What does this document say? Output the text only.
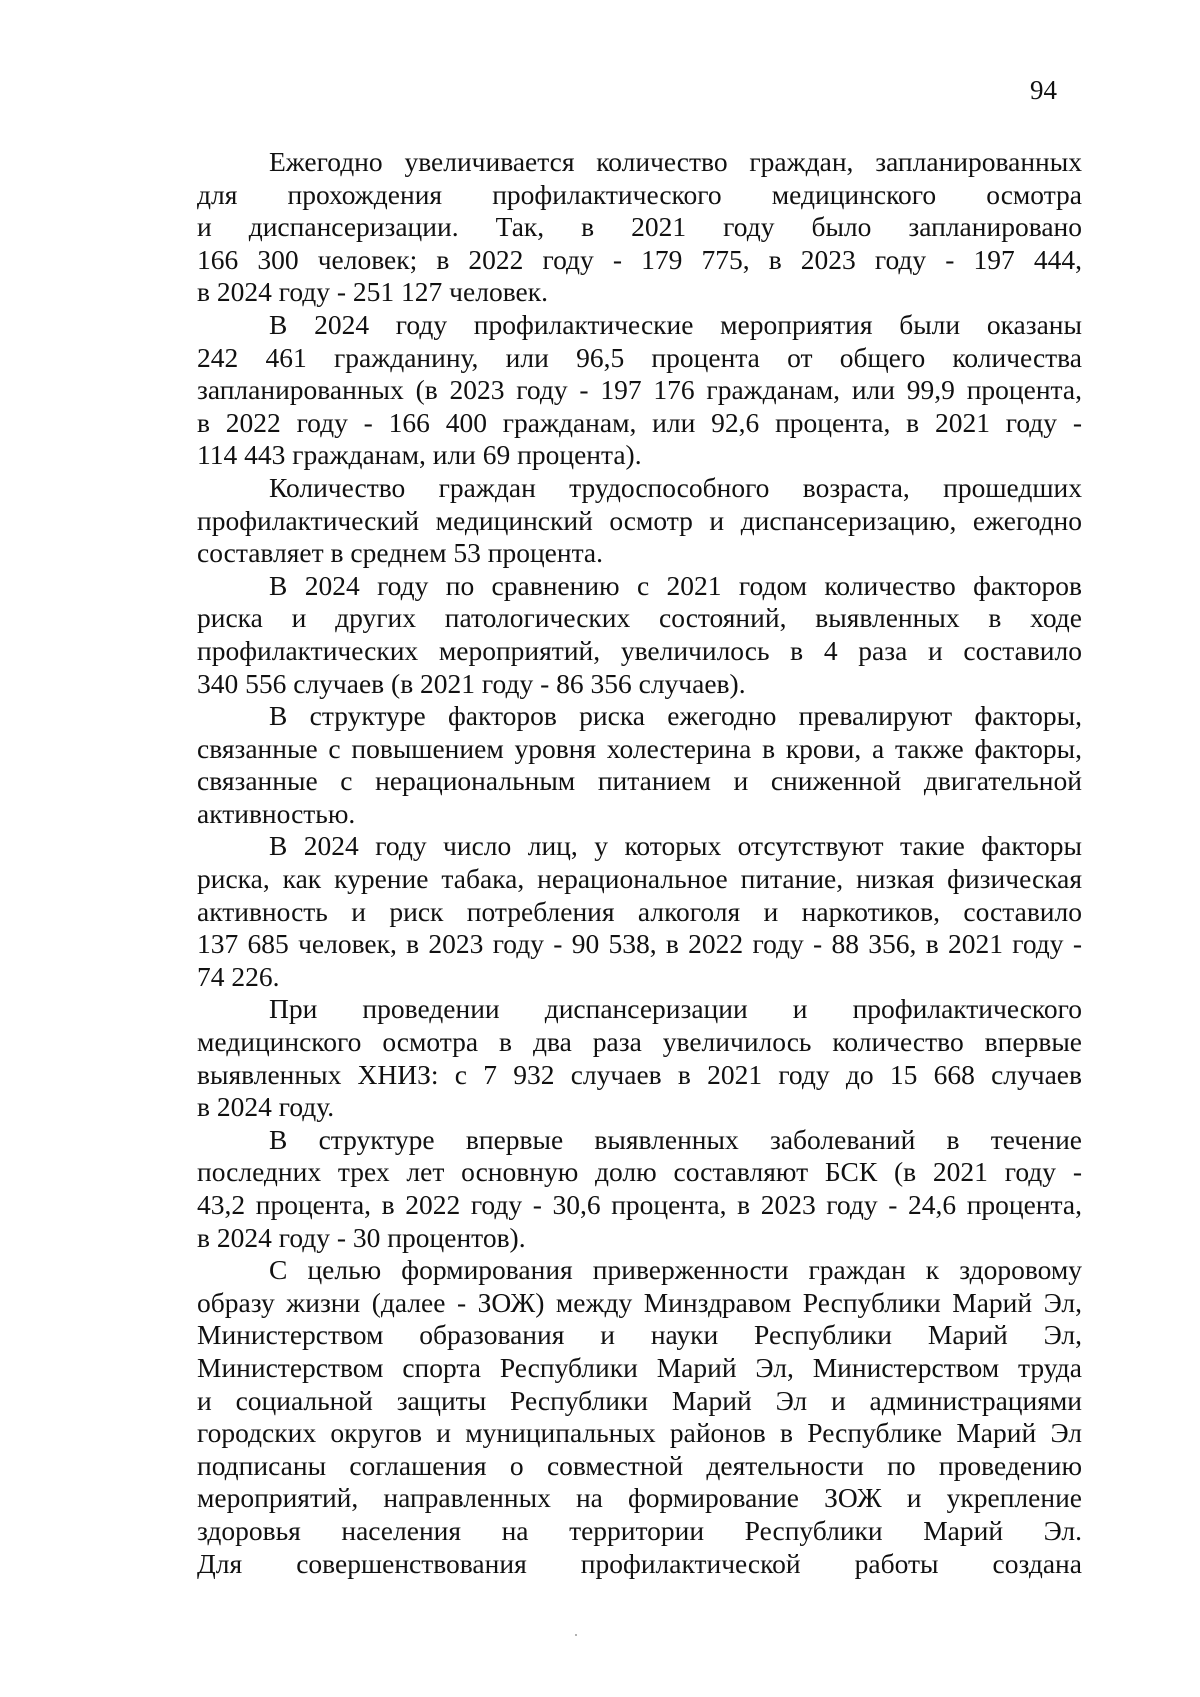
94

Ежегодно увеличивается количество граждан, запланированных
для прохождения профилактического медицинского осмотра
и диспансеризации. Так, в 2021 году было запланировано
166 300 человек; в 2022 году - 179 775, в 2023 году - 197 444,
в 2024 году - 251 127 человек.

В 2024 году профилактические мероприятия были оказаны
242 461 гражданину, или 96,5 процента от общего количества
запланированных (в 2023 году - 197 176 гражданам, или 99,9 процента,
в 2022 году - 166 400 гражданам, или 92,6 процента, в 2021 году -
114 443 гражданам, или 69 процента).

Количество граждан трудоспособного возраста, прошедших
профилактический медицинский осмотр и диспансеризацию, ежегодно
составляет в среднем 53 процента.

В 2024 году по сравнению с 2021 годом количество факторов
риска и других патологических состояний, выявленных в ходе
профилактических мероприятий, увеличилось в 4 раза и составило
340 556 случаев (в 2021 году - 86 356 случаев).

В структуре факторов риска ежегодно превалируют факторы,
связанные с повышением уровня холестерина в крови, а также факторы,
связанные с нерациональным питанием и сниженной двигательной
активностью.

В 2024 году число лиц, у которых отсутствуют такие факторы
риска, как курение табака, нерациональное питание, низкая физическая
активность и риск потребления алкоголя и наркотиков, составило
137 685 человек, в 2023 году - 90 538, в 2022 году - 88 356, в 2021 году -
74 226.

При проведении диспансеризации и профилактического
медицинского осмотра в два раза увеличилось количество впервые
выявленных ХНИЗ: с 7 932 случаев в 2021 году до 15 668 случаев
в 2024 году.

В структуре впервые выявленных заболеваний в течение
последних трех лет основную долю составляют БСК (в 2021 году -
43,2 процента, в 2022 году - 30,6 процента, в 2023 году - 24,6 процента,
в 2024 году - 30 процентов).

С целью формирования приверженности граждан к здоровому
образу жизни (далее - ЗОЖ) между Минздравом Республики Марий Эл,
Министерством образования и науки Республики Марий Эл,
Министерством спорта Республики Марий Эл, Министерством труда
и социальной защиты Республики Марий Эл и администрациями
городских округов и муниципальных районов в Республике Марий Эл
подписаны соглашения о совместной деятельности по проведению
мероприятий, направленных на формирование ЗОЖ и укрепление
здоровья населения на территории Республики Марий Эл.
Для совершенствования профилактической работы создана
